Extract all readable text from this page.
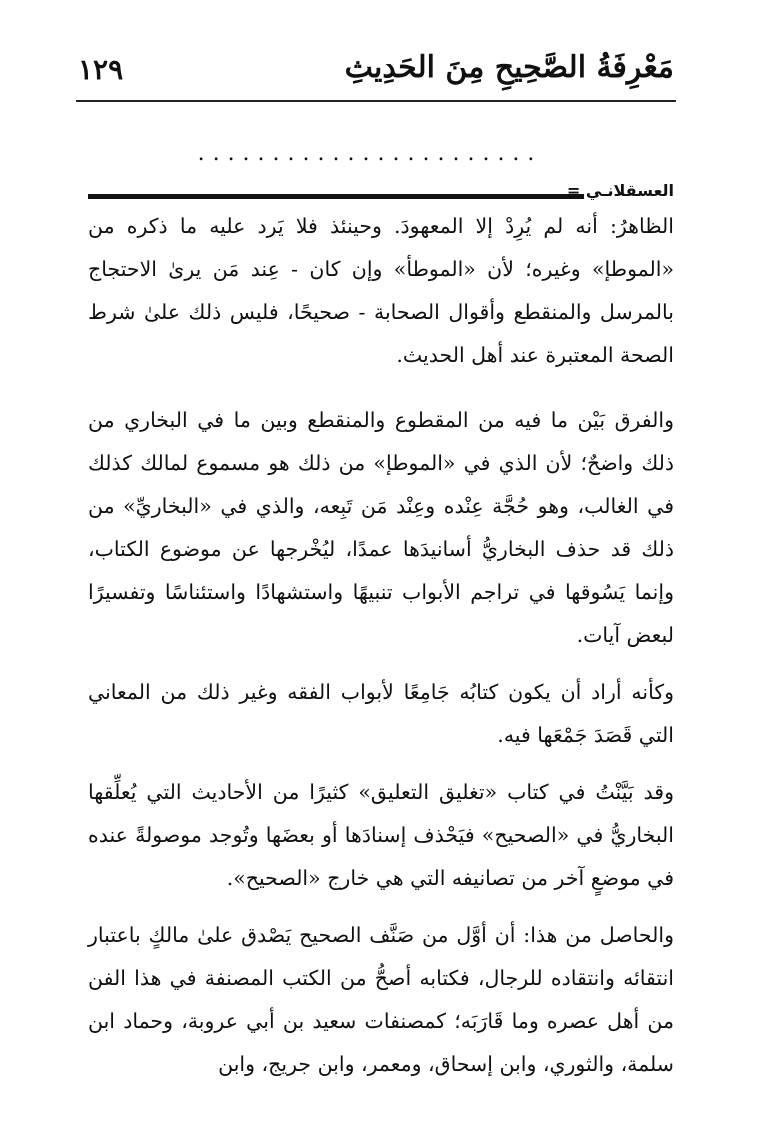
مَعْرِفَةُ الصَّحِيحِ مِنَ الحَدِيثِ
١٢٩
.......................
العسقلانـي =

الظاهرُ: أنه لم يُرِدْ إلا المعهودَ. وحينئذ فلا يَرد عليه ما ذكره من «الموطإ» وغيره؛ لأن «الموطأ» وإن كان - عِند مَن يرىٰ الاحتجاج بالمرسل والمنقطع وأقوال الصحابة - صحيحًا، فليس ذلك علىٰ شرط الصحة المعتبرة عند أهل الحديث.

والفرق بَيْن ما فيه من المقطوع والمنقطع وبين ما في البخاري من ذلك واضحٌ؛ لأن الذي في «الموطإ» من ذلك هو مسموع لمالك كذلك في الغالب، وهو حُجَّة عِنْده وعِنْد مَن تَبِعه، والذي في «البخاريِّ» من ذلك قد حذف البخاريُّ أسانيدَها عمدًا، ليُخْرجها عن موضوع الكتاب، وإنما يَسُوقها في تراجم الأبواب تنبيهًا واستشهادًا واستئناسًا وتفسيرًا لبعض آيات.

وكأنه أراد أن يكون كتابُه جَامِعًا لأبواب الفقه وغير ذلك من المعاني التي قَصَدَ جَمْعَها فيه.

وقد بَيَّنْتُ في كتاب «تغليق التعليق» كثيرًا من الأحاديث التي يُعلِّقها البخاريُّ في «الصحيح» فيَحْذف إسنادَها أو بعضَها وتُوجد موصولةً عنده في موضعٍ آخر من تصانيفه التي هي خارج «الصحيح».

والحاصل من هذا: أن أوَّل من صَنَّف الصحيح يَصْدق علىٰ مالكٍ باعتبار انتقائه وانتقاده للرجال، فكتابه أصحُّ من الكتب المصنفة في هذا الفن من أهل عصره وما قَارَبَه؛ كمصنفات سعيد بن أبي عروبة، وحماد ابن سلمة، والثوري، وابن إسحاق، ومعمر، وابن جريج، وابن
